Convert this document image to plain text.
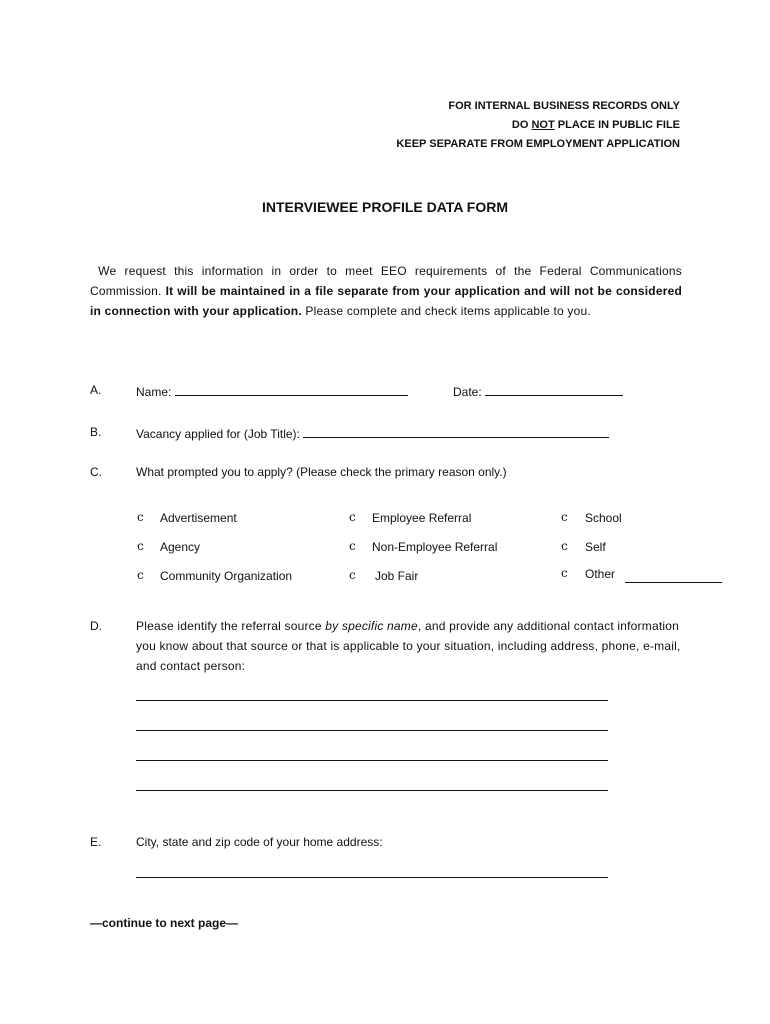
FOR INTERNAL BUSINESS RECORDS ONLY
DO NOT PLACE IN PUBLIC FILE
KEEP SEPARATE FROM EMPLOYMENT APPLICATION
INTERVIEWEE PROFILE DATA FORM
We request this information in order to meet EEO requirements of the Federal Communications Commission. It will be maintained in a file separate from your application and will not be considered in connection with your application. Please complete and check items applicable to you.
A.	Name:	Date:
B.	Vacancy applied for (Job Title):
C.	What prompted you to apply? (Please check the primary reason only.)
c Advertisement	c Employee Referral	c School
c Agency	c Non-Employee Referral	c Self
c Community Organization	c Job Fair	c Other
D.	Please identify the referral source by specific name, and provide any additional contact information you know about that source or that is applicable to your situation, including address, phone, e-mail, and contact person:
E.	City, state and zip code of your home address:
—continue to next page—
